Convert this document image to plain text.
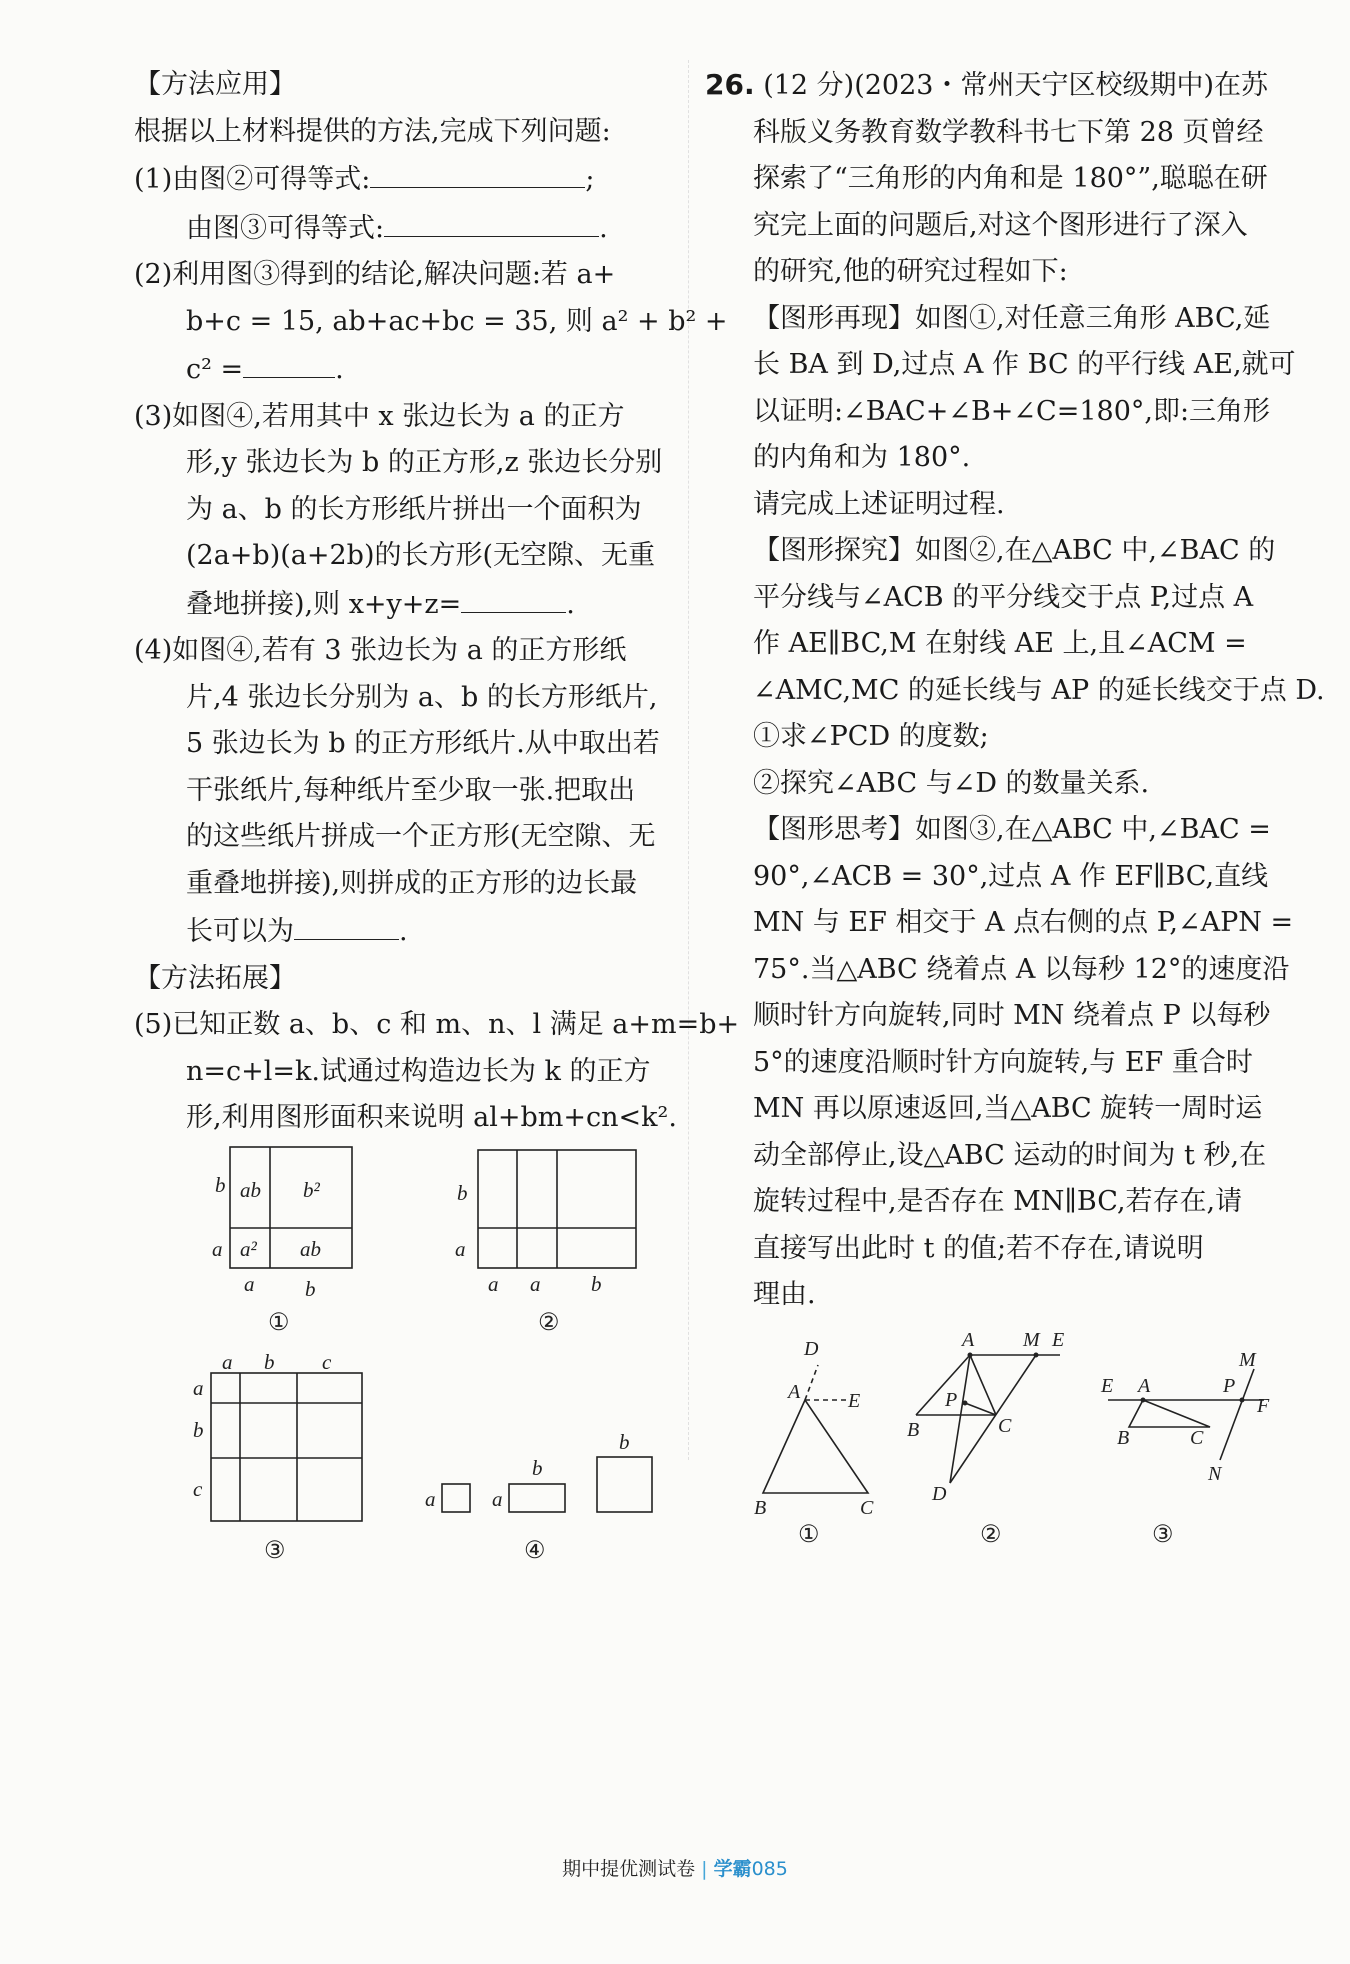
【方法应用】
根据以上材料提供的方法,完成下列问题:
(1)由图②可得等式:	;
由图③可得等式:	.
(2)利用图③得到的结论,解决问题:若 a+
b+c = 15, ab+ac+bc = 35, 则 a² + b² +
c² =	.
(3)如图④,若用其中 x 张边长为 a 的正方
形,y 张边长为 b 的正方形,z 张边长分别
为 a、b 的长方形纸片拼出一个面积为
(2a+b)(a+2b)的长方形(无空隙、无重
叠地拼接),则 x+y+z=	.
(4)如图④,若有 3 张边长为 a 的正方形纸
片,4 张边长分别为 a、b 的长方形纸片,
5 张边长为 b 的正方形纸片.从中取出若
干张纸片,每种纸片至少取一张.把取出
的这些纸片拼成一个正方形(无空隙、无
重叠地拼接),则拼成的正方形的边长最
长可以为	.
【方法拓展】
(5)已知正数 a、b、c 和 m、n、l 满足 a+m=b+
n=c+l=k.试通过构造边长为 k 的正方
形,利用图形面积来说明 al+bm+cn<k².
ab b²
a² ab
b
a
a b
b
a
a a b
a b c
a
b
c	a	a
b
b
①	②
③	④
26. (12 分)(2023・常州天宁区校级期中)在苏
科版义务教育数学教科书七下第 28 页曾经
探索了“三角形的内角和是 180°”,聪聪在研
究完上面的问题后,对这个图形进行了深入
的研究,他的研究过程如下:
【图形再现】如图①,对任意三角形 ABC,延
长 BA 到 D,过点 A 作 BC 的平行线 AE,就可
以证明:∠BAC+∠B+∠C=180°,即:三角形
的内角和为 180°.
请完成上述证明过程.
【图形探究】如图②,在△ABC 中,∠BAC 的
平分线与∠ACB 的平分线交于点 P,过点 A
作 AE∥BC,M 在射线 AE 上,且∠ACM =
∠AMC,MC 的延长线与 AP 的延长线交于点 D.
①求∠PCD 的度数;
②探究∠ABC 与∠D 的数量关系.
【图形思考】如图③,在△ABC 中,∠BAC =
90°,∠ACB = 30°,过点 A 作 EF∥BC,直线
MN 与 EF 相交于 A 点右侧的点 P,∠APN =
75°.当△ABC 绕着点 A 以每秒 12°的速度沿
顺时针方向旋转,同时 MN 绕着点 P 以每秒
5°的速度沿顺时针方向旋转,与 EF 重合时
MN 再以原速返回,当△ABC 旋转一周时运
动全部停止,设△ABC 运动的时间为 t 秒,在
旋转过程中,是否存在 MN∥BC,若存在,请
直接写出此时 t 的值;若不存在,请说明
理由.
D
A E
B	C
A M E
P
B	C
D
M
E A	P
F
B	C
N
①	②	③
期中提优测试卷 | 学霸085
